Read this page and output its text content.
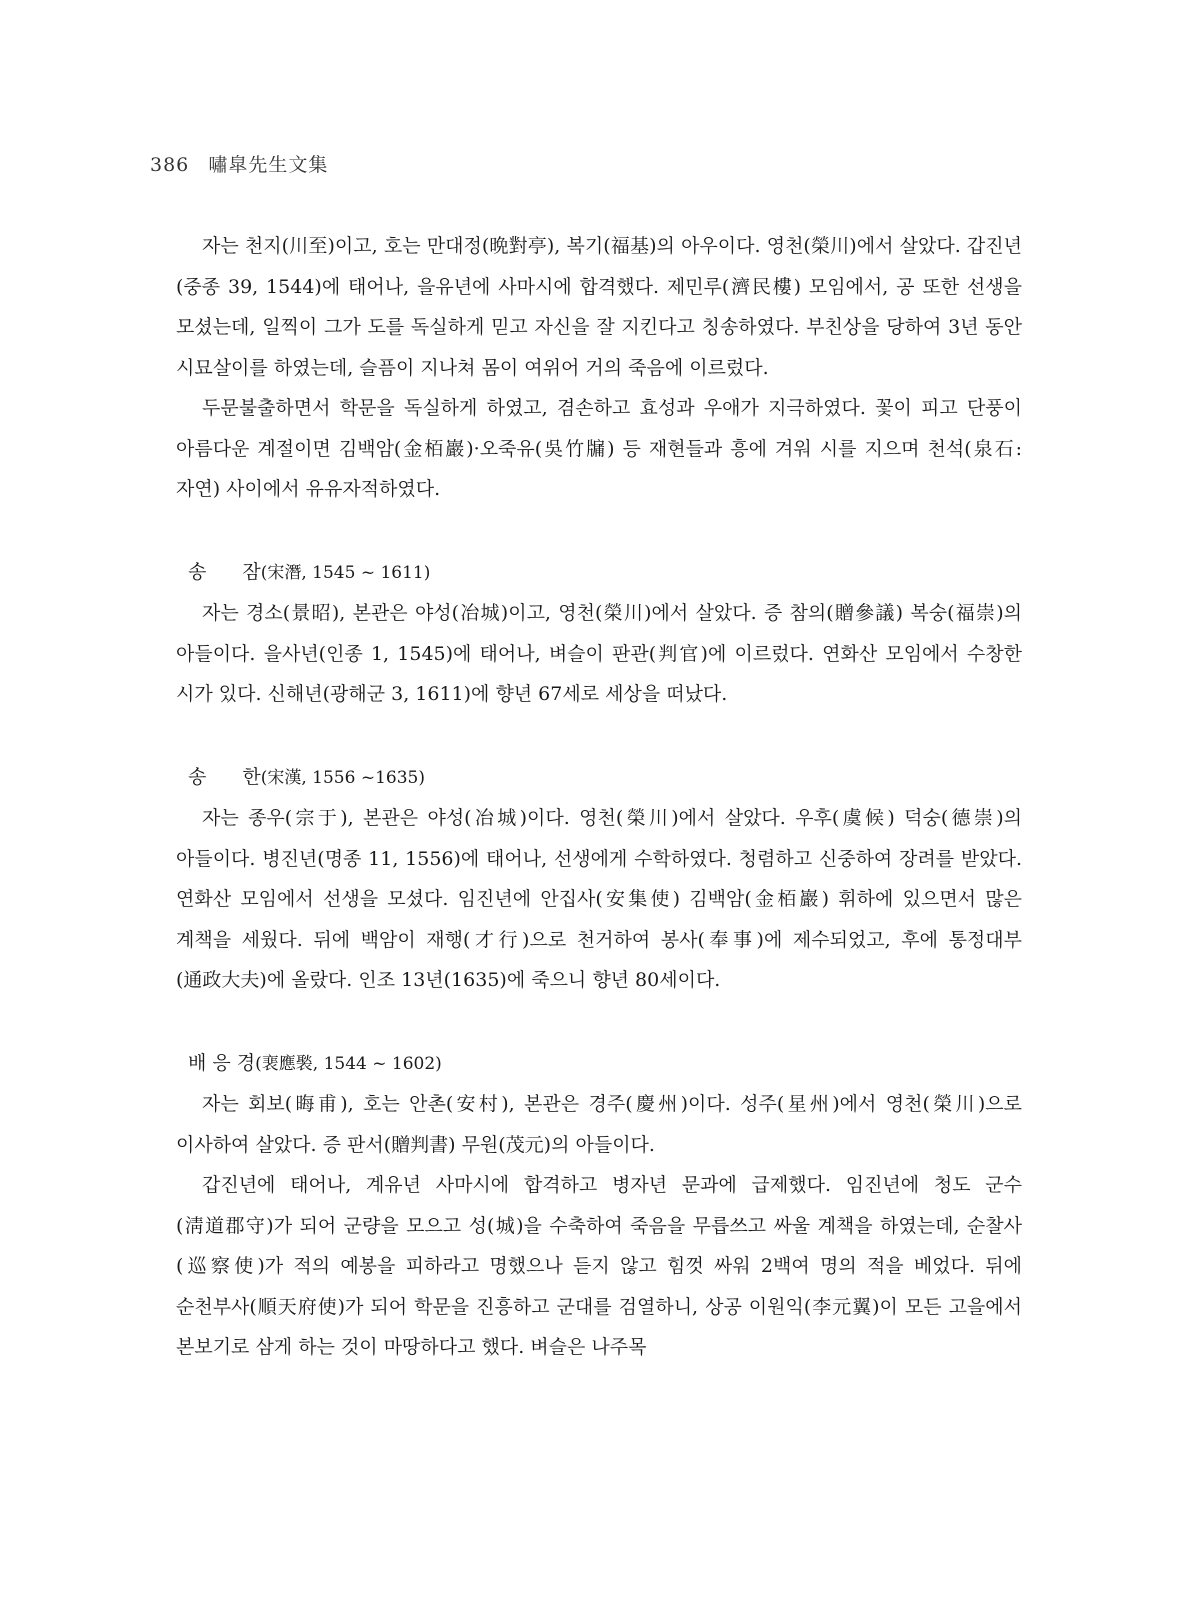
386 嘯皐先生文集

자는 천지(川至)이고, 호는 만대정(晩對亭), 복기(福基)의 아우이다. 영천(榮川)에서 살았다. 갑진년(중종 39, 1544)에 태어나, 을유년에 사마시에 합격했다. 제민루(濟民樓) 모임에서, 공 또한 선생을 모셨는데, 일찍이 그가 도를 독실하게 믿고 자신을 잘 지킨다고 칭송하였다. 부친상을 당하여 3년 동안 시묘살이를 하였는데, 슬픔이 지나쳐 몸이 여위어 거의 죽음에 이르렀다.

두문불출하면서 학문을 독실하게 하였고, 겸손하고 효성과 우애가 지극하였다. 꽃이 피고 단풍이 아름다운 계절이면 김백암(金栢巖)·오죽유(吳竹牖) 등 재현들과 흥에 겨워 시를 지으며 천석(泉石:자연) 사이에서 유유자적하였다.

송 잠(宋潛, 1545 ~ 1611)

자는 경소(景昭), 본관은 야성(冶城)이고, 영천(榮川)에서 살았다. 증 참의(贈參議) 복숭(福崇)의 아들이다. 을사년(인종 1, 1545)에 태어나, 벼슬이 판관(判官)에 이르렀다. 연화산 모임에서 수창한 시가 있다. 신해년(광해군 3, 1611)에 향년 67세로 세상을 떠났다.

송 한(宋漢, 1556 ~1635)

자는 종우(宗于), 본관은 야성(冶城)이다. 영천(榮川)에서 살았다. 우후(虞候) 덕숭(德崇)의 아들이다. 병진년(명종 11, 1556)에 태어나, 선생에게 수학하였다. 청렴하고 신중하여 장려를 받았다. 연화산 모임에서 선생을 모셨다. 임진년에 안집사(安集使) 김백암(金栢巖) 휘하에 있으면서 많은 계책을 세웠다. 뒤에 백암이 재행(才行)으로 천거하여 봉사(奉事)에 제수되었고, 후에 통정대부(通政大夫)에 올랐다. 인조 13년(1635)에 죽으니 향년 80세이다.

배 응 경(裵應褧, 1544 ~ 1602)

자는 회보(晦甫), 호는 안촌(安村), 본관은 경주(慶州)이다. 성주(星州)에서 영천(榮川)으로 이사하여 살았다. 증 판서(贈判書) 무원(茂元)의 아들이다.

갑진년에 태어나, 계유년 사마시에 합격하고 병자년 문과에 급제했다. 임진년에 청도 군수(淸道郡守)가 되어 군량을 모으고 성(城)을 수축하여 죽음을 무릅쓰고 싸울 계책을 하였는데, 순찰사(巡察使)가 적의 예봉을 피하라고 명했으나 듣지 않고 힘껏 싸워 2백여 명의 적을 베었다. 뒤에 순천부사(順天府使)가 되어 학문을 진흥하고 군대를 검열하니, 상공 이원익(李元翼)이 모든 고을에서 본보기로 삼게 하는 것이 마땅하다고 했다. 벼슬은 나주목
